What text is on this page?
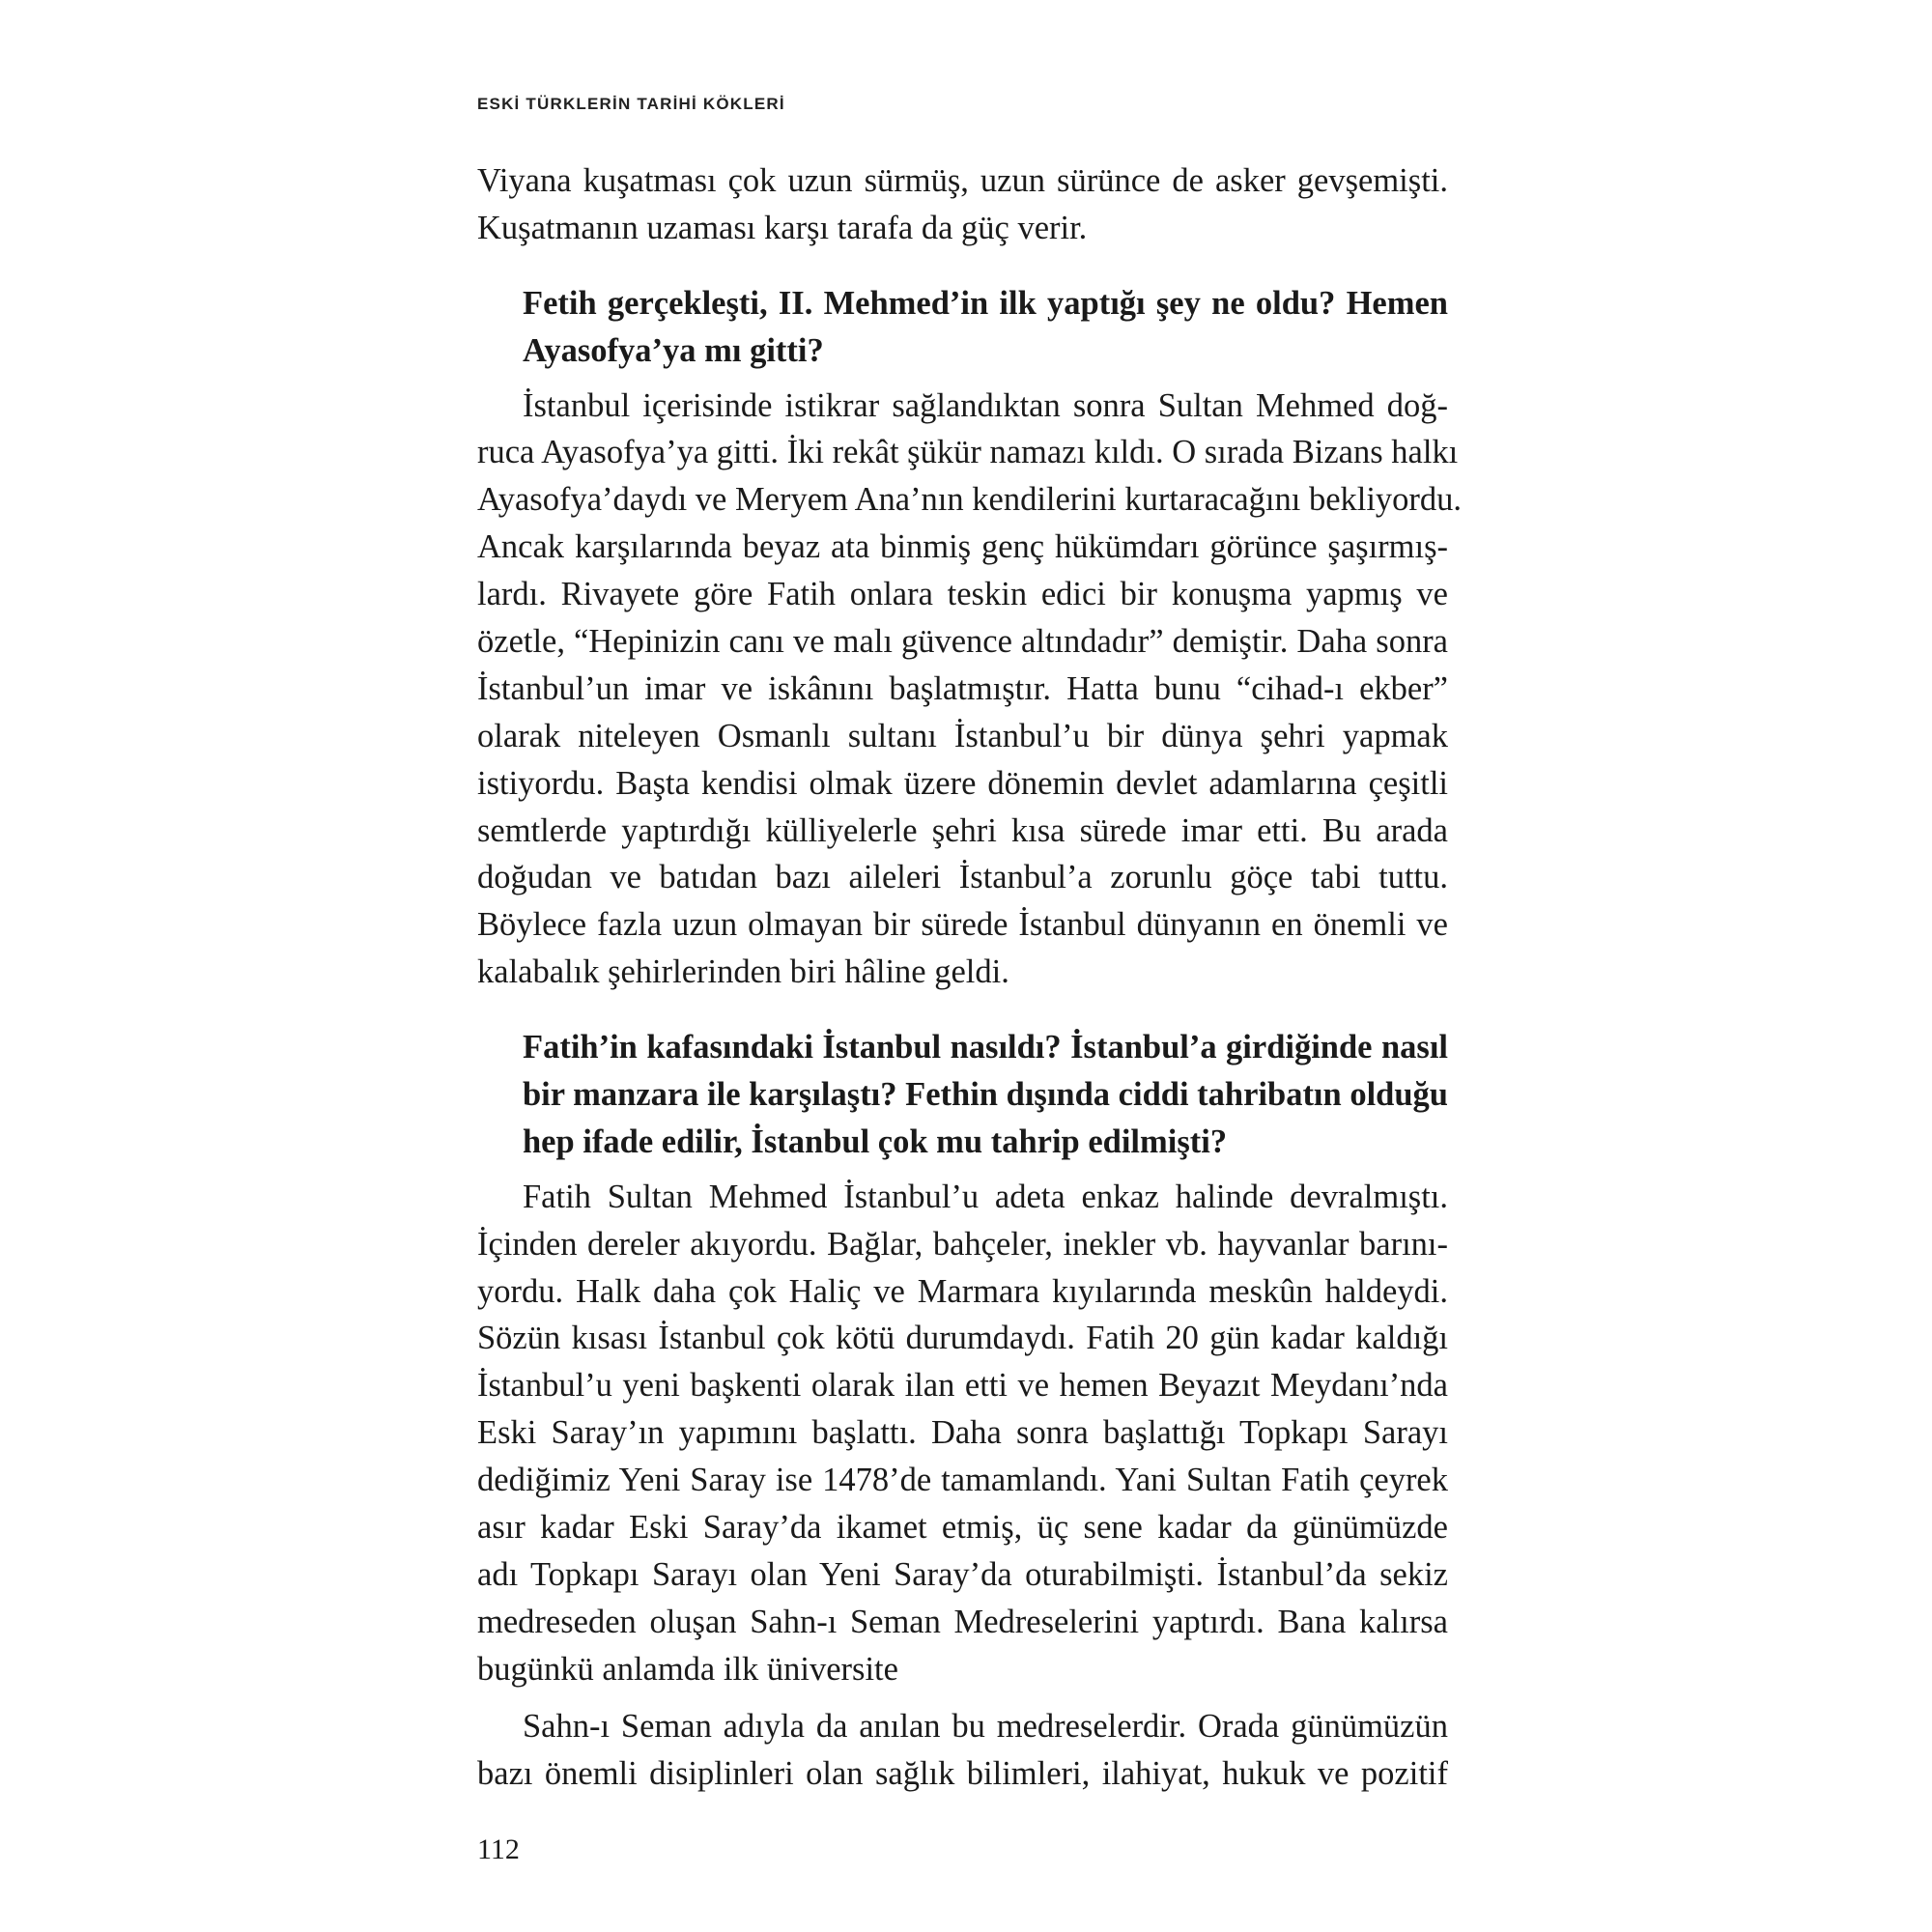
ESKİ TÜRKLERİN TARİHİ KÖKLERİ
Viyana kuşatması çok uzun sürmüş, uzun sürünce de asker gevşemişti.
Kuşatmanın uzaması karşı tarafa da güç verir.
Fetih gerçekleşti, II. Mehmed’in ilk yaptığı şey ne oldu? Hemen
Ayasofya’ya mı gitti?
İstanbul içerisinde istikrar sağlandıktan sonra Sultan Mehmed doğ-
ruca Ayasofya’ya gitti. İki rekât şükür namazı kıldı. O sırada Bizans halkı
Ayasofya’daydı ve Meryem Ana’nın kendilerini kurtaracağını bekliyordu.
Ancak karşılarında beyaz ata binmiş genç hükümdarı görünce şaşırmış-
lardı. Rivayete göre Fatih onlara teskin edici bir konuşma yapmış ve
özetle, “Hepinizin canı ve malı güvence altındadır” demiştir. Daha sonra
İstanbul’un imar ve iskânını başlatmıştır. Hatta bunu “cihad-ı ekber”
olarak niteleyen Osmanlı sultanı İstanbul’u bir dünya şehri yapmak
istiyordu. Başta kendisi olmak üzere dönemin devlet adamlarına çeşitli
semtlerde yaptırdığı külliyelerle şehri kısa sürede imar etti. Bu arada
doğudan ve batıdan bazı aileleri İstanbul’a zorunlu göçe tabi tuttu.
Böylece fazla uzun olmayan bir sürede İstanbul dünyanın en önemli ve
kalabalık şehirlerinden biri hâline geldi.
Fatih’in kafasındaki İstanbul nasıldı? İstanbul’a girdiğinde nasıl
bir manzara ile karşılaştı? Fethin dışında ciddi tahribatın olduğu
hep ifade edilir, İstanbul çok mu tahrip edilmişti?
Fatih Sultan Mehmed İstanbul’u adeta enkaz halinde devralmıştı.
İçinden dereler akıyordu. Bağlar, bahçeler, inekler vb. hayvanlar barını-
yordu. Halk daha çok Haliç ve Marmara kıyılarında meskûn haldeydi.
Sözün kısası İstanbul çok kötü durumdaydı. Fatih 20 gün kadar kaldığı
İstanbul’u yeni başkenti olarak ilan etti ve hemen Beyazıt Meydanı’nda
Eski Saray’ın yapımını başlattı. Daha sonra başlattığı Topkapı Sarayı
dediğimiz Yeni Saray ise 1478’de tamamlandı. Yani Sultan Fatih çeyrek
asır kadar Eski Saray’da ikamet etmiş, üç sene kadar da günümüzde
adı Topkapı Sarayı olan Yeni Saray’da oturabilmişti. İstanbul’da sekiz
medreseden oluşan Sahn-ı Seman Medreselerini yaptırdı. Bana kalırsa
bugünkü anlamda ilk üniversite
Sahn-ı Seman adıyla da anılan bu medreselerdir. Orada günümüzün
bazı önemli disiplinleri olan sağlık bilimleri, ilahiyat, hukuk ve pozitif
112
